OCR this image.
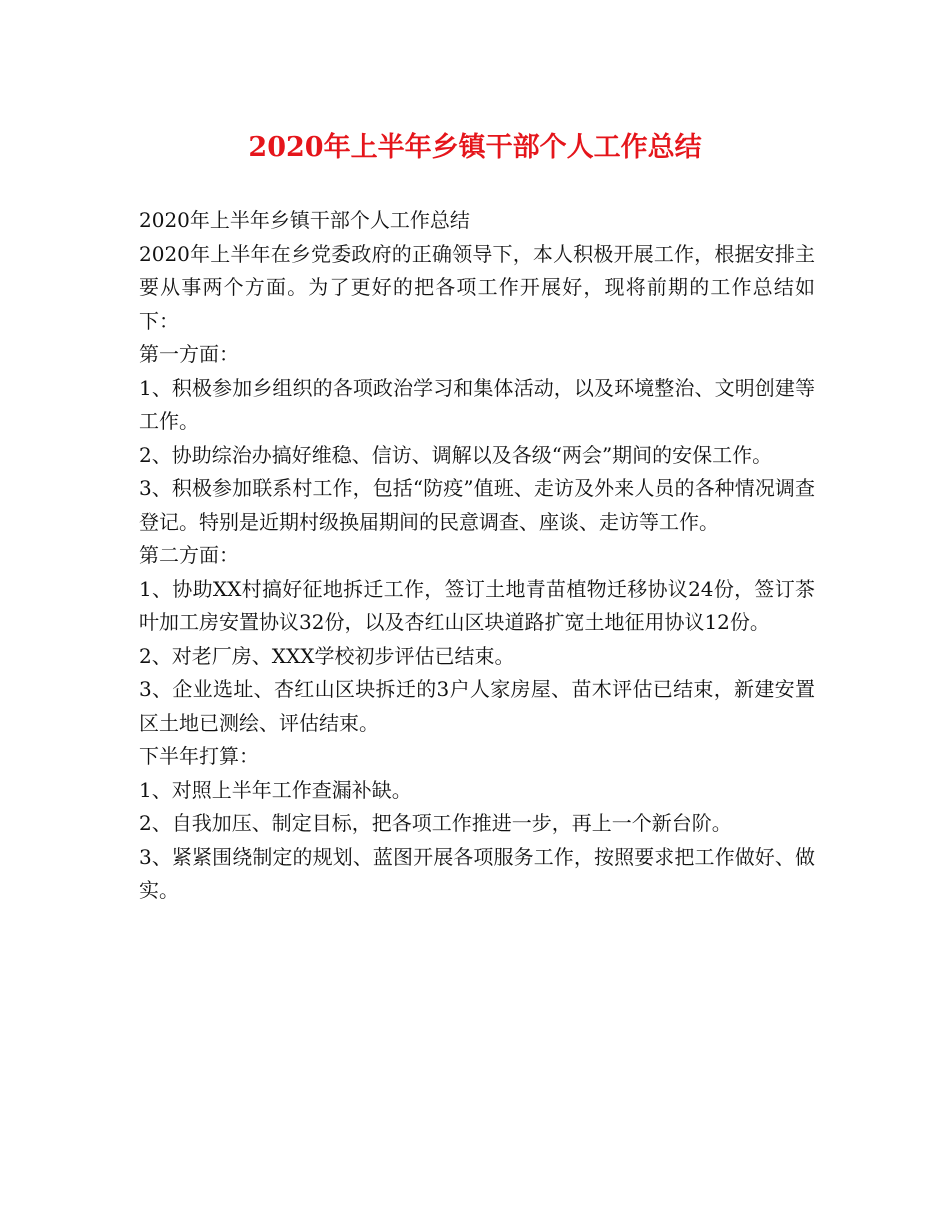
2020年上半年乡镇干部个人工作总结

2020年上半年乡镇干部个人工作总结

2020年上半年在乡党委政府的正确领导下，本人积极开展工作，根据安排主要从事两个方面。为了更好的把各项工作开展好，现将前期的工作总结如下：

第一方面：

1、积极参加乡组织的各项政治学习和集体活动，以及环境整治、文明创建等工作。

2、协助综治办搞好维稳、信访、调解以及各级“两会”期间的安保工作。

3、积极参加联系村工作，包括“防疫”值班、走访及外来人员的各种情况调查登记。特别是近期村级换届期间的民意调查、座谈、走访等工作。

第二方面：

1、协助XX村搞好征地拆迁工作，签订土地青苗植物迁移协议24份，签订茶叶加工房安置协议32份，以及杏红山区块道路扩宽土地征用协议12份。

2、对老厂房、XXX学校初步评估已结束。

3、企业选址、杏红山区块拆迁的3户人家房屋、苗木评估已结束，新建安置区土地已测绘、评估结束。

下半年打算：

1、对照上半年工作查漏补缺。

2、自我加压、制定目标，把各项工作推进一步，再上一个新台阶。

3、紧紧围绕制定的规划、蓝图开展各项服务工作，按照要求把工作做好、做实。
